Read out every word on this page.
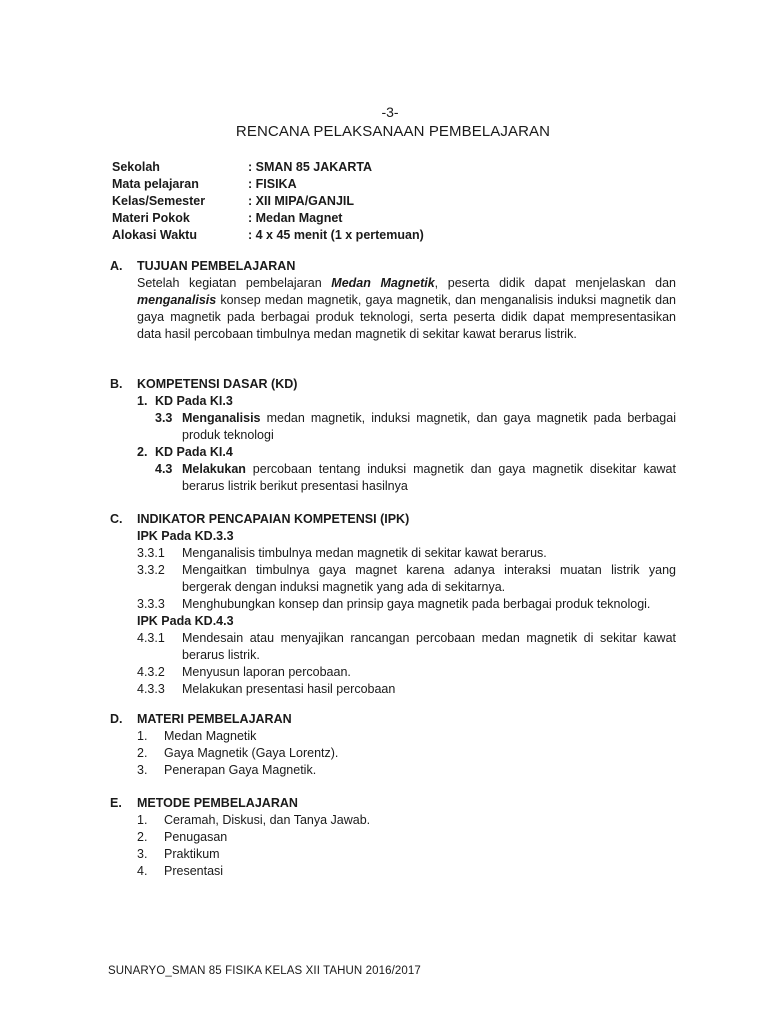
-3-
RENCANA PELAKSANAAN PEMBELAJARAN
Sekolah	: SMAN 85 JAKARTA
Mata pelajaran	: FISIKA
Kelas/Semester	: XII MIPA/GANJIL
Materi Pokok	: Medan Magnet
Alokasi Waktu	: 4 x 45 menit (1 x pertemuan)
A. TUJUAN PEMBELAJARAN
Setelah kegiatan pembelajaran Medan Magnetik, peserta didik dapat menjelaskan dan menganalisis konsep medan magnetik, gaya magnetik, dan menganalisis induksi magnetik dan gaya magnetik pada berbagai produk teknologi, serta peserta didik dapat mempresentasikan data hasil percobaan timbulnya medan magnetik di sekitar kawat berarus listrik.
B. KOMPETENSI DASAR (KD)
1. KD Pada KI.3
3.3 Menganalisis medan magnetik, induksi magnetik, dan gaya magnetik pada berbagai produk teknologi
2. KD Pada KI.4
4.3 Melakukan percobaan tentang induksi magnetik dan gaya magnetik disekitar kawat berarus listrik berikut presentasi hasilnya
C. INDIKATOR PENCAPAIAN KOMPETENSI (IPK)
IPK Pada KD.3.3
3.3.1	Menganalisis timbulnya medan magnetik di sekitar kawat berarus.
3.3.2	Mengaitkan timbulnya gaya magnet karena adanya interaksi muatan listrik yang bergerak dengan induksi magnetik yang ada di sekitarnya.
3.3.3	Menghubungkan konsep dan prinsip gaya magnetik pada berbagai produk teknologi.
IPK Pada KD.4.3
4.3.1	Mendesain atau menyajikan rancangan percobaan medan magnetik di sekitar kawat berarus listrik.
4.3.2	Menyusun laporan percobaan.
4.3.3	Melakukan presentasi hasil percobaan
D. MATERI PEMBELAJARAN
1.	Medan Magnetik
2.	Gaya Magnetik (Gaya Lorentz).
3.	Penerapan Gaya Magnetik.
E. METODE PEMBELAJARAN
1.	Ceramah, Diskusi, dan Tanya Jawab.
2.	Penugasan
3.	Praktikum
4.	Presentasi
SUNARYO_SMAN 85 FISIKA KELAS XII TAHUN 2016/2017
